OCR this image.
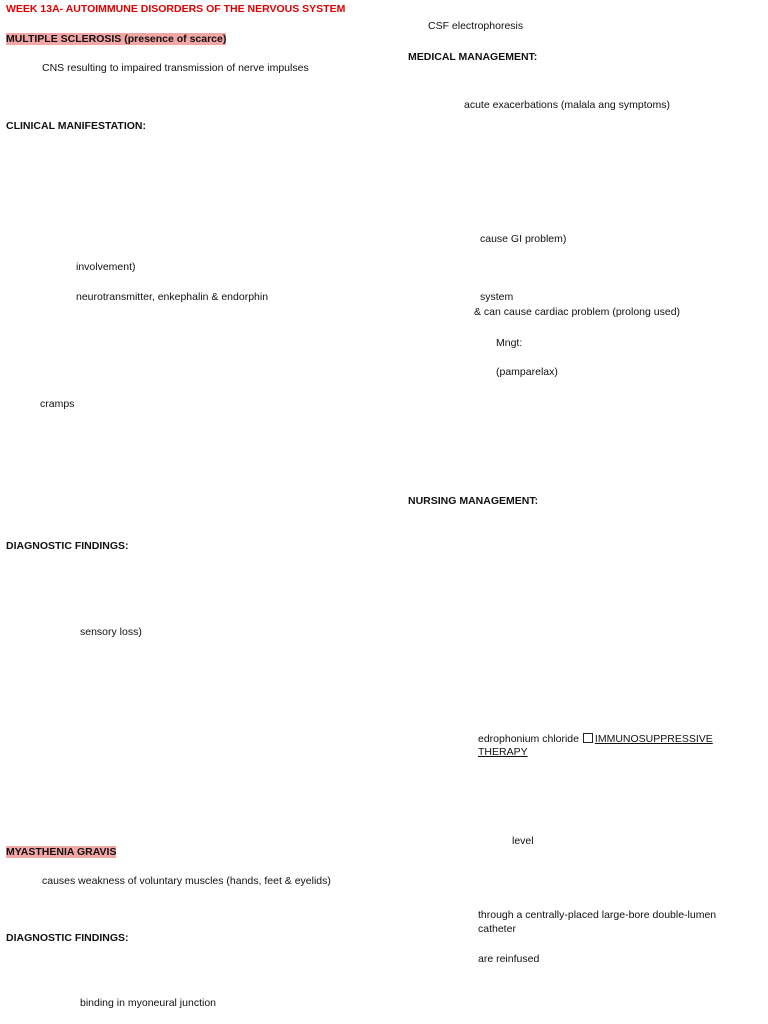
WEEK 13A- AUTOIMMUNE DISORDERS OF THE NERVOUS SYSTEM
MULTIPLE SCLEROSIS (presence of scarce)
CNS resulting to impaired transmission of nerve impulses
CLINICAL MANIFESTATION:
involvement)
neurotransmitter, enkephalin & endorphin
cramps
DIAGNOSTIC FINDINGS:
sensory loss)
MYASTHENIA GRAVIS
causes weakness of voluntary muscles (hands, feet & eyelids)
DIAGNOSTIC FINDINGS:
binding in myoneural junction
CSF electrophoresis
MEDICAL MANAGEMENT:
acute exacerbations (malala ang symptoms)
cause GI problem)
system
& can cause cardiac problem (prolong used)
Mngt:
(pamparelax)
NURSING MANAGEMENT:
edrophonium chloride IMMUNOSUPPRESSIVE
THERAPY
level
through a centrally-placed large-bore double-lumen
catheter
are reinfused
